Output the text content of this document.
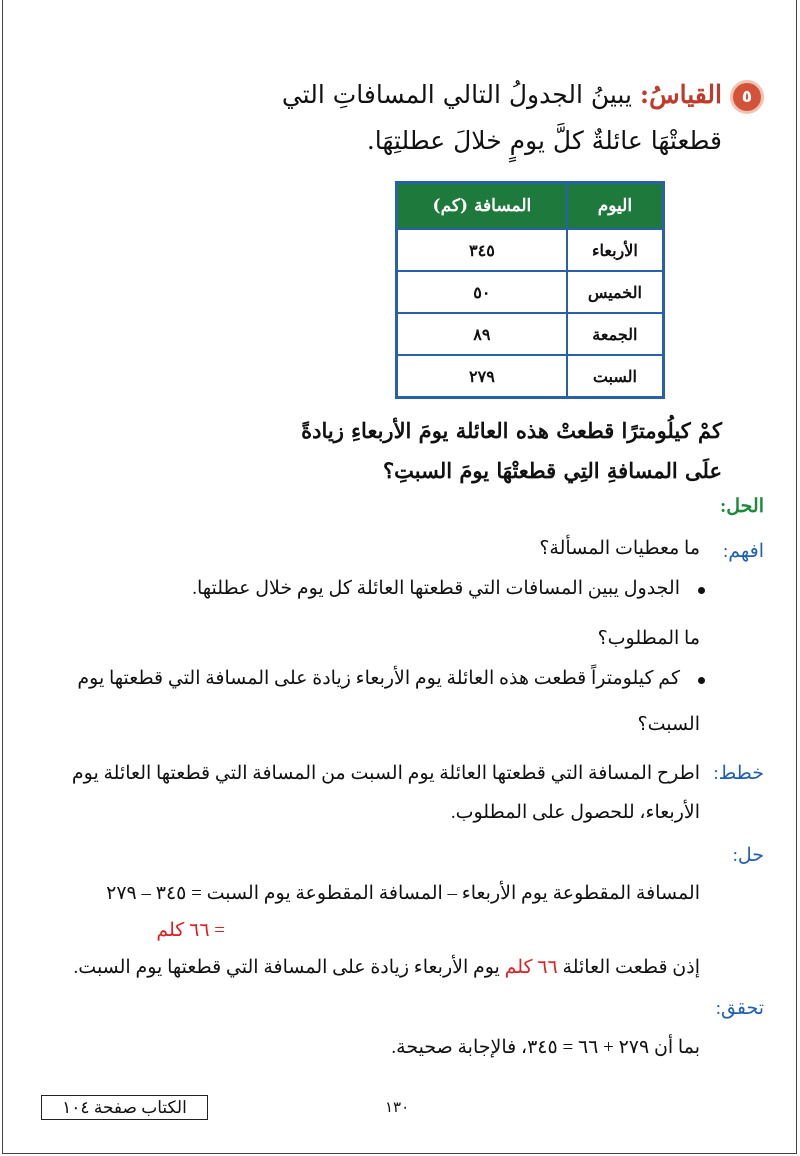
٥
القياسُ: يبينُ الجدولُ التالي المسافاتِ التي
قطعتْهَا عائلةٌ كلَّ يومٍ خلالَ عطلتِهَا.
اليوم	المسافة (كم)
الأربعاء	٣٤٥
الخميس	٥٠
الجمعة	٨٩
السبت	٢٧٩
كمْ كيلُومترًا قطعتْ هذه العائلة يومَ الأربعاءِ زيادةً
علَى المسافةِ التِي قطعتْهَا يومَ السبتِ؟
الحل:
افهم:
ما معطيات المسألة؟
الجدول يبين المسافات التي قطعتها العائلة كل يوم خلال عطلتها.
ما المطلوب؟
كم كيلومتراً قطعت هذه العائلة يوم الأربعاء زيادة على المسافة التي قطعتها يوم
السبت؟
خطط:
اطرح المسافة التي قطعتها العائلة يوم السبت من المسافة التي قطعتها العائلة يوم
الأربعاء، للحصول على المطلوب.
حل:
المسافة المقطوعة يوم الأربعاء – المسافة المقطوعة يوم السبت = ٣٤٥ – ٢٧٩
= ٦٦ كلم
إذن قطعت العائلة ٦٦ كلم يوم الأربعاء زيادة على المسافة التي قطعتها يوم السبت.
تحقق:
بما أن ٢٧٩ + ٦٦ = ٣٤٥، فالإجابة صحيحة.
الكتاب صفحة ١٠٤	١٣٠
